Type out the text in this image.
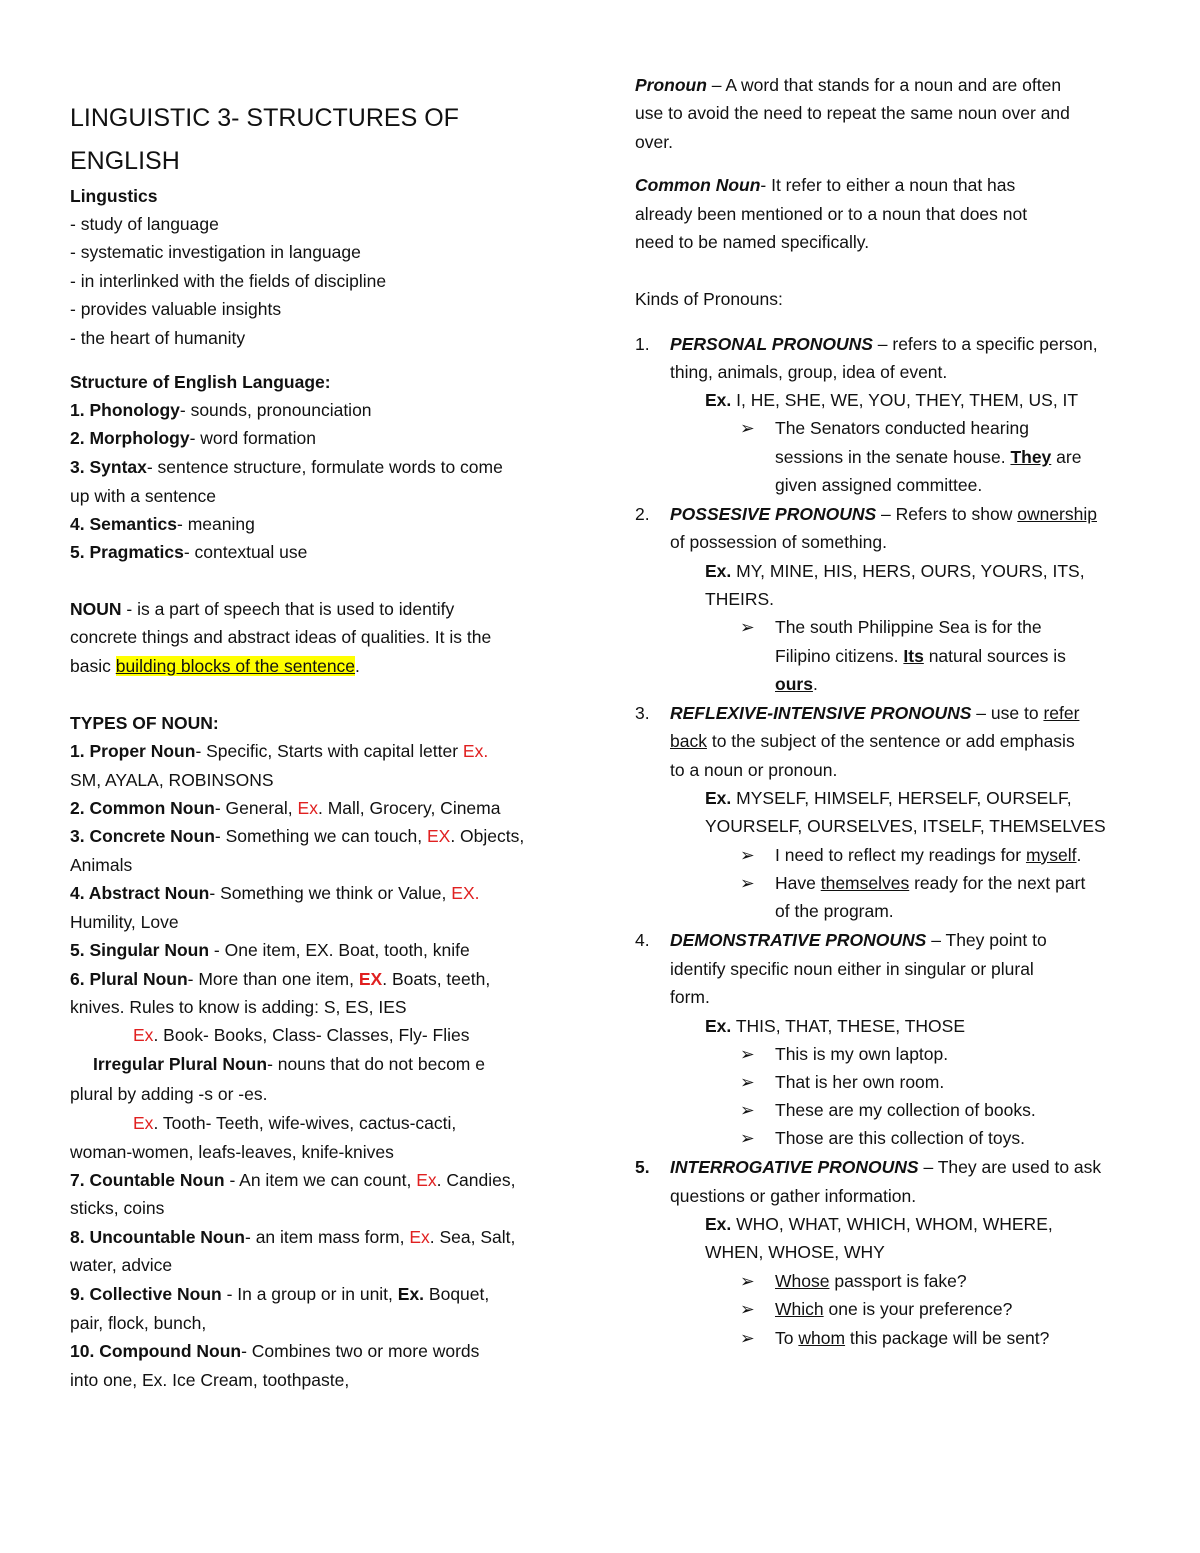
LINGUISTIC 3- STRUCTURES OF
ENGLISH
Lingustics
- study of language
- systematic investigation in language
- in interlinked with the fields of discipline
- provides valuable insights
- the heart of humanity
Structure of English Language:
1. Phonology- sounds, pronounciation
2. Morphology- word formation
3. Syntax- sentence structure, formulate words to come
up with a sentence
4. Semantics- meaning
5. Pragmatics- contextual use
NOUN - is a part of speech that is used to identify
concrete things and abstract ideas of qualities. It is the
basic building blocks of the sentence.
TYPES OF NOUN:
1. Proper Noun- Specific, Starts with capital letter Ex.
SM, AYALA, ROBINSONS
2. Common Noun- General, Ex. Mall, Grocery, Cinema
3. Concrete Noun- Something we can touch, EX. Objects,
Animals
4. Abstract Noun- Something we think or Value, EX.
Humility, Love
5. Singular Noun - One item, EX. Boat, tooth, knife
6. Plural Noun- More than one item, EX. Boats, teeth,
knives. Rules to know is adding: S, ES, IES
Ex. Book- Books, Class- Classes, Fly- Flies
Irregular Plural Noun- nouns that do not becom e
plural by adding -s or -es.
Ex. Tooth- Teeth, wife-wives, cactus-cacti,
woman-women, leafs-leaves, knife-knives
7. Countable Noun - An item we can count, Ex. Candies,
sticks, coins
8. Uncountable Noun- an item mass form, Ex. Sea, Salt,
water, advice
9. Collective Noun - In a group or in unit, Ex. Boquet,
pair, flock, bunch,
10. Compound Noun- Combines two or more words
into one, Ex. Ice Cream, toothpaste,
Pronoun – A word that stands for a noun and are often
use to avoid the need to repeat the same noun over and
over.
Common Noun- It refer to either a noun that has
already been mentioned or to a noun that does not
need to be named specifically.
Kinds of Pronouns:
1. PERSONAL PRONOUNS – refers to a specific person,
thing, animals, group, idea of event.
Ex. I, HE, SHE, WE, YOU, THEY, THEM, US, IT
➢ The Senators conducted hearing
sessions in the senate house. They are
given assigned committee.
2. POSSESIVE PRONOUNS – Refers to show ownership
of possession of something.
Ex. MY, MINE, HIS, HERS, OURS, YOURS, ITS,
THEIRS.
➢ The south Philippine Sea is for the
Filipino citizens. Its natural sources is
ours.
3. REFLEXIVE-INTENSIVE PRONOUNS – use to refer
back to the subject of the sentence or add emphasis
to a noun or pronoun.
Ex. MYSELF, HIMSELF, HERSELF, OURSELF,
YOURSELF, OURSELVES, ITSELF, THEMSELVES
➢ I need to reflect my readings for myself.
➢ Have themselves ready for the next part
of the program.
4. DEMONSTRATIVE PRONOUNS – They point to
identify specific noun either in singular or plural
form.
Ex. THIS, THAT, THESE, THOSE
➢ This is my own laptop.
➢ That is her own room.
➢ These are my collection of books.
➢ Those are this collection of toys.
5. INTERROGATIVE PRONOUNS – They are used to ask
questions or gather information.
Ex. WHO, WHAT, WHICH, WHOM, WHERE,
WHEN, WHOSE, WHY
➢ Whose passport is fake?
➢ Which one is your preference?
➢ To whom this package will be sent?
